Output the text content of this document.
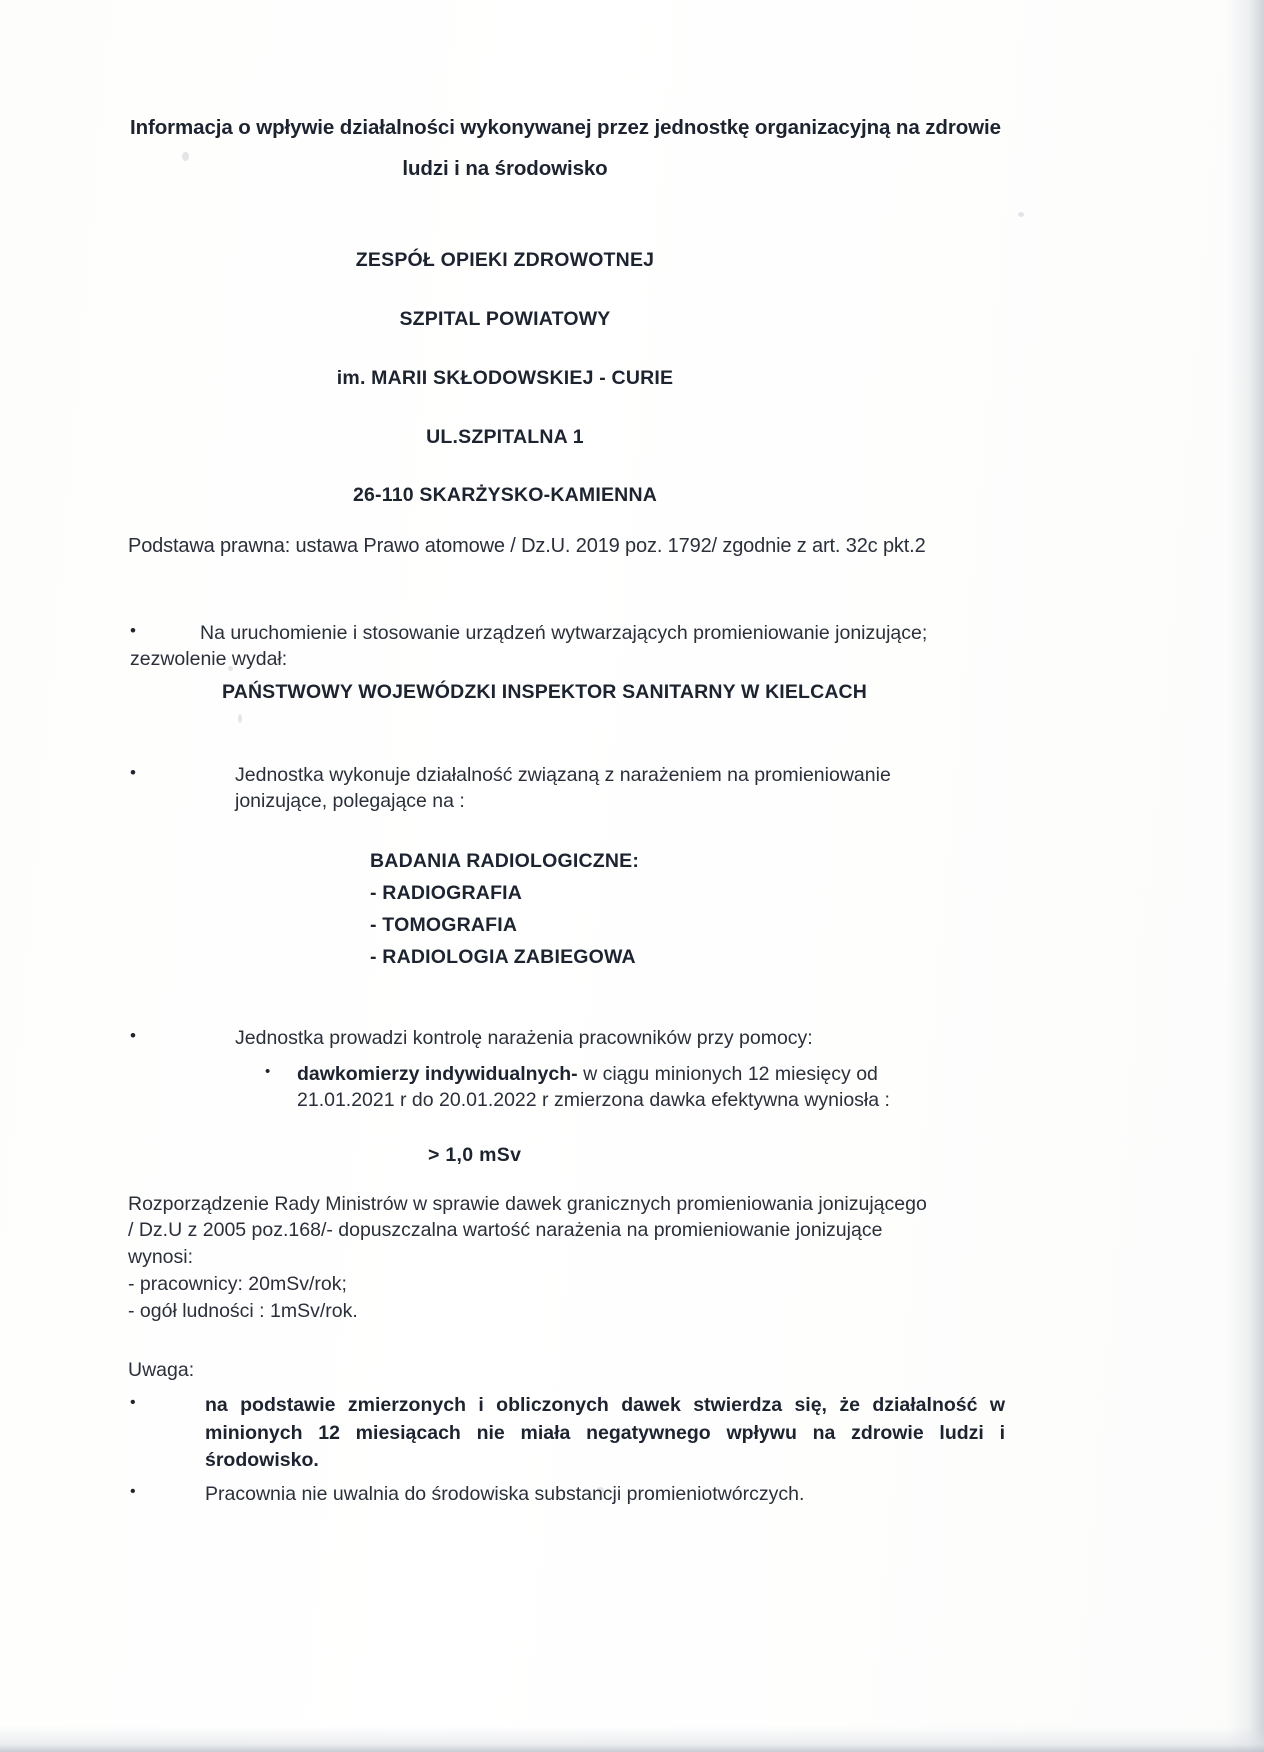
Informacja o wpływie działalności wykonywanej przez jednostkę organizacyjną na zdrowie
ludzi i na środowisko
ZESPÓŁ OPIEKI ZDROWOTNEJ
SZPITAL POWIATOWY
im. MARII SKŁODOWSKIEJ - CURIE
UL.SZPITALNA 1
26-110 SKARŻYSKO-KAMIENNA
Podstawa prawna: ustawa Prawo atomowe / Dz.U. 2019 poz. 1792/ zgodnie z art. 32c pkt.2
•	Na uruchomienie i stosowanie urządzeń wytwarzających promieniowanie jonizujące;
zezwolenie wydał:
PAŃSTWOWY WOJEWÓDZKI INSPEKTOR SANITARNY W KIELCACH
•	Jednostka wykonuje działalność związaną z narażeniem na promieniowanie jonizujące, polegające na :
BADANIA RADIOLOGICZNE:
- RADIOGRAFIA
- TOMOGRAFIA
- RADIOLOGIA ZABIEGOWA
•	Jednostka prowadzi kontrolę narażenia pracowników przy pomocy:
•	dawkomierzy indywidualnych- w ciągu minionych 12 miesięcy od
21.01.2021 r do 20.01.2022 r zmierzona dawka efektywna wyniosła :
> 1,0 mSv
Rozporządzenie Rady Ministrów w sprawie dawek granicznych promieniowania jonizującego
/ Dz.U z 2005 poz.168/- dopuszczalna wartość narażenia na promieniowanie jonizujące
wynosi:
- pracownicy: 20mSv/rok;
- ogół ludności : 1mSv/rok.
Uwaga:
•	na podstawie zmierzonych i obliczonych dawek stwierdza się, że działalność w minionych 12 miesiącach nie miała negatywnego wpływu na zdrowie ludzi i środowisko.
•	Pracownia nie uwalnia do środowiska substancji promieniotwórczych.
